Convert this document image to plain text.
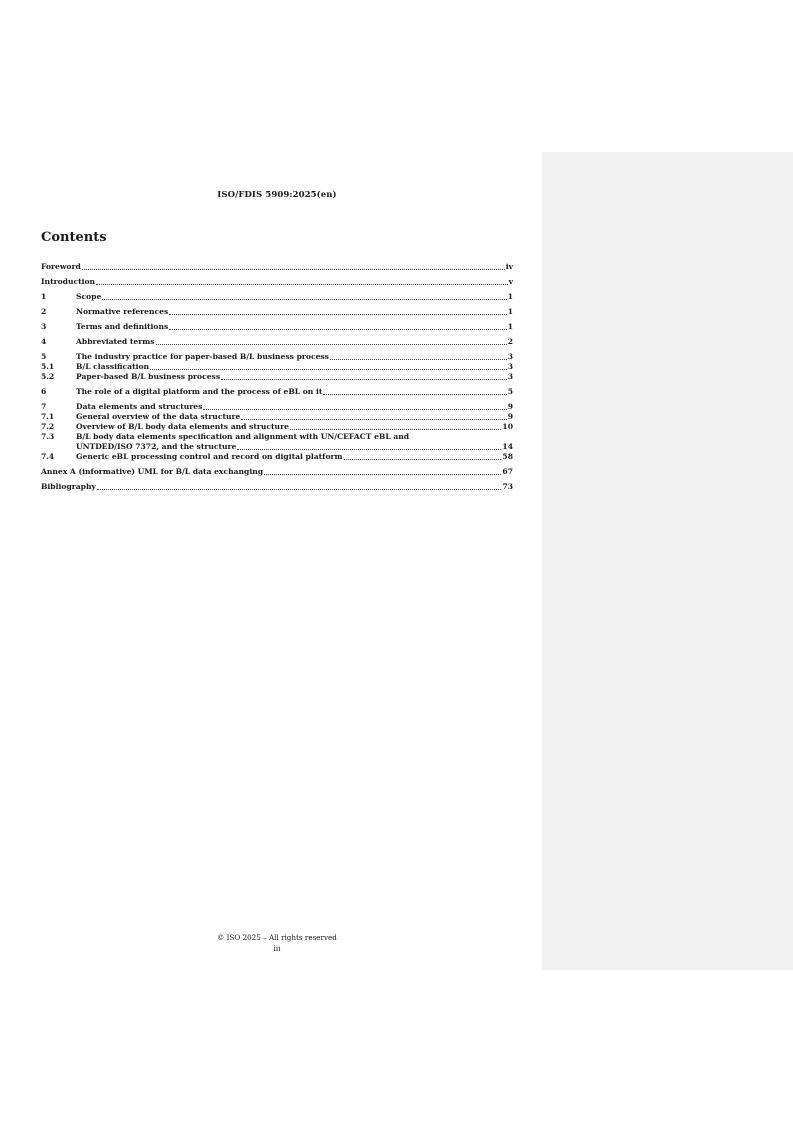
ISO/FDIS 5909:2025(en)
Contents
Foreword	iv
Introduction	v
1	Scope	1
2	Normative references	1
3	Terms and definitions	1
4	Abbreviated terms	2
5	The industry practice for paper-based B/L business process	3
5.1	B/L classification	3
5.2	Paper-based B/L business process	3
6	The role of a digital platform and the process of eBL on it	5
7	Data elements and structures	9
7.1	General overview of the data structure	9
7.2	Overview of B/L body data elements and structure	10
7.3	B/L body data elements specification and alignment with UN/CEFACT eBL and
UNTDED/ISO 7372, and the structure	14
7.4	Generic eBL processing control and record on digital platform	58
Annex A (informative) UML for B/L data exchanging	67
Bibliography	73
© ISO 2025 – All rights reserved
iii
